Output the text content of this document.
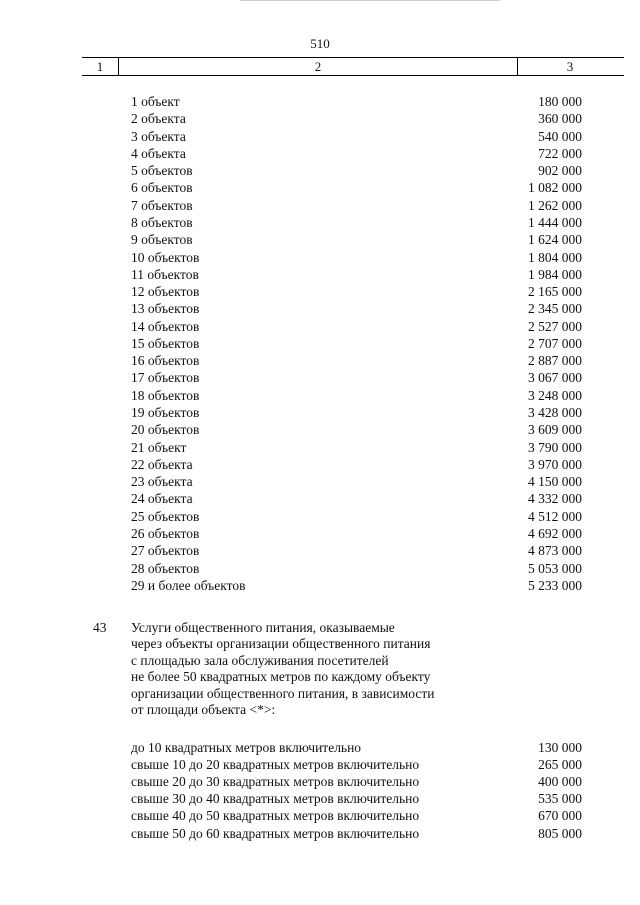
510
1	2	3
1 объект	180 000
2 объекта	360 000
3 объекта	540 000
4 объекта	722 000
5 объектов	902 000
6 объектов	1 082 000
7 объектов	1 262 000
8 объектов	1 444 000
9 объектов	1 624 000
10 объектов	1 804 000
11 объектов	1 984 000
12 объектов	2 165 000
13 объектов	2 345 000
14 объектов	2 527 000
15 объектов	2 707 000
16 объектов	2 887 000
17 объектов	3 067 000
18 объектов	3 248 000
19 объектов	3 428 000
20 объектов	3 609 000
21 объект	3 790 000
22 объекта	3 970 000
23 объекта	4 150 000
24 объекта	4 332 000
25 объектов	4 512 000
26 объектов	4 692 000
27 объектов	4 873 000
28 объектов	5 053 000
29 и более объектов	5 233 000
43 Услуги общественного питания, оказываемые
через объекты организации общественного питания
с площадью зала обслуживания посетителей
не более 50 квадратных метров по каждому объекту
организации общественного питания, в зависимости
от площади объекта <*>:
до 10 квадратных метров включительно	130 000
свыше 10 до 20 квадратных метров включительно	265 000
свыше 20 до 30 квадратных метров включительно	400 000
свыше 30 до 40 квадратных метров включительно	535 000
свыше 40 до 50 квадратных метров включительно	670 000
свыше 50 до 60 квадратных метров включительно	805 000
